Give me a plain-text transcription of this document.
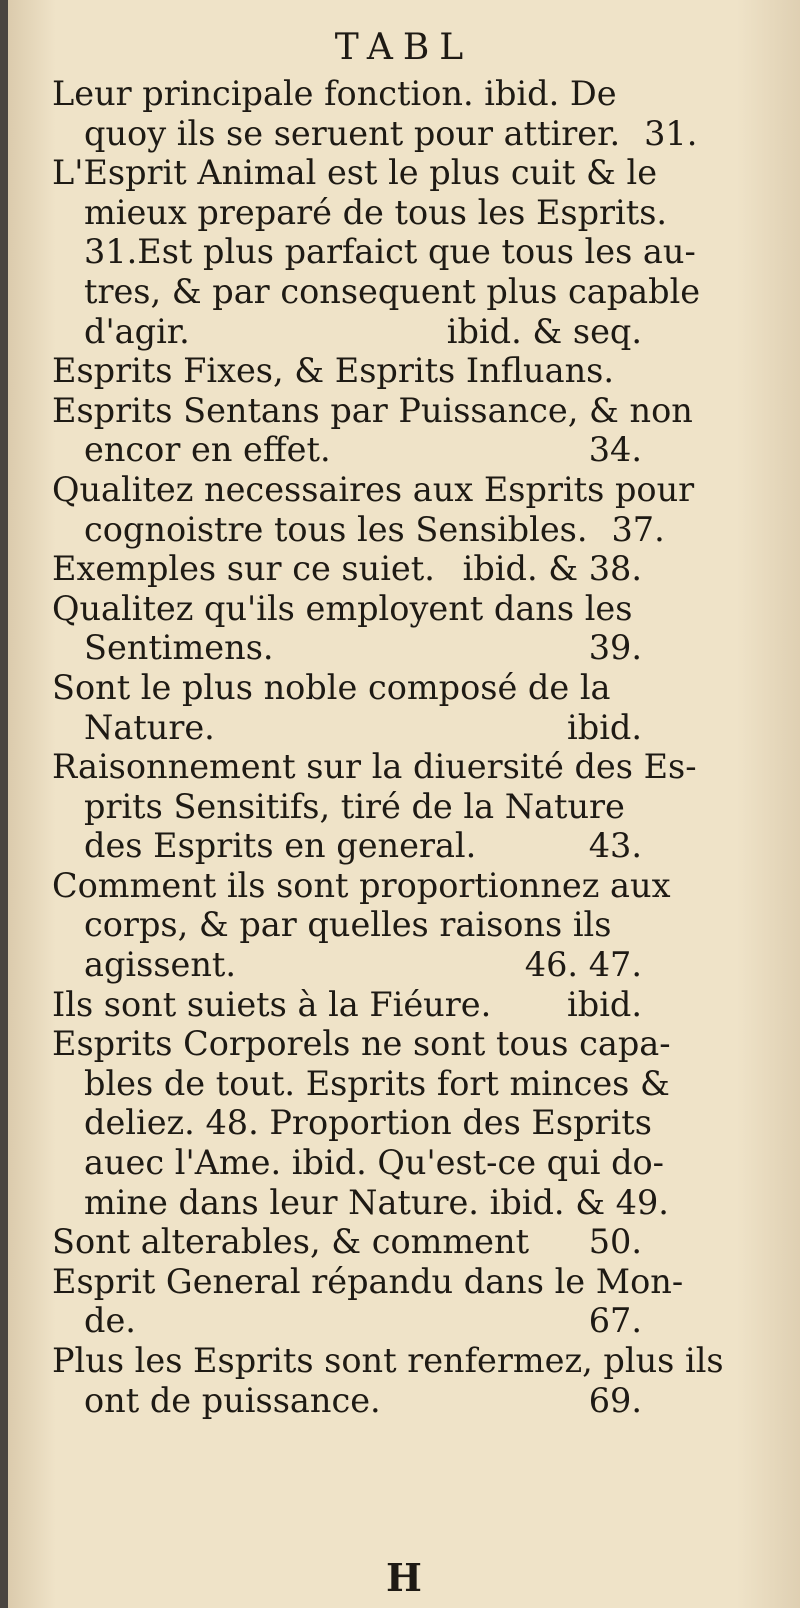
TABL
Leur principale fonction. ibid. De
quoy ils se seruent pour attirer. 31.
L'Esprit Animal est le plus cuit & le
mieux preparé de tous les Esprits.
31.Est plus parfaict que tous les au-
tres, & par consequent plus capable
d'agir.	ibid. & seq.
Esprits Fixes, & Esprits Influans.
Esprits Sentans par Puissance, & non
encor en effet.	34.
Qualitez necessaires aux Esprits pour
cognoistre tous les Sensibles. 37.
Exemples sur ce suiet. ibid. & 38.
Qualitez qu'ils employent dans les
Sentimens.	39.
Sont le plus noble composé de la
Nature.	ibid.
Raisonnement sur la diuersité des Es-
prits Sensitifs, tiré de la Nature
des Esprits en general.	43.
Comment ils sont proportionnez aux
corps, & par quelles raisons ils
agissent.	46. 47.
Ils sont suiets à la Fiéure. ibid.
Esprits Corporels ne sont tous capa-
bles de tout. Esprits fort minces &
deliez. 48. Proportion des Esprits
auec l'Ame. ibid. Qu'est-ce qui do-
mine dans leur Nature. ibid. & 49.
Sont alterables, & comment 50.
Esprit General répandu dans le Mon-
de.	67.
Plus les Esprits sont renfermez, plus ils
ont de puissance.	69.
H
